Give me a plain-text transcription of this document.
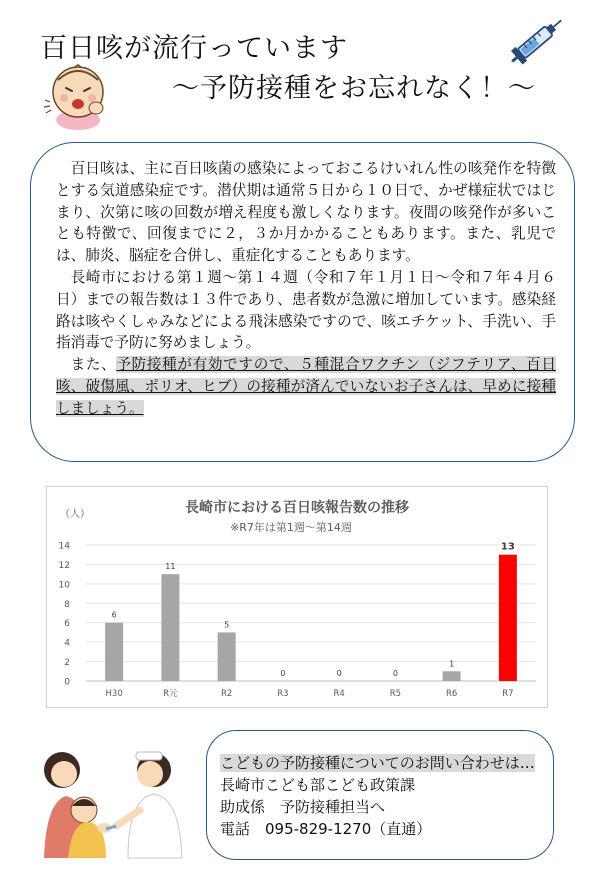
百日咳が流行っています
～予防接種をお忘れなく！～

百日咳は、主に百日咳菌の感染によっておこるけいれん性の咳発作を特徴とする気道感染症です。潜伏期は通常５日から１０日で、かぜ様症状ではじまり、次第に咳の回数が増え程度も激しくなります。夜間の咳発作が多いことも特徴で、回復までに２，３か月かかることもあります。また、乳児では、肺炎、脳症を合併し、重症化することもあります。

長崎市における第１週～第１４週（令和７年１月１日～令和７年４月６日）までの報告数は１３件であり、患者数が急激に増加しています。感染経路は咳やくしゃみなどによる飛沫感染ですので、咳エチケット、手洗い、手指消毒で予防に努めましょう。

また、予防接種が有効ですので、５種混合ワクチン（ジフテリア、百日咳、破傷風、ポリオ、ヒブ）の接種が済んでいないお子さんは、早めに接種しましょう。

長崎市における百日咳報告数の推移
※R7年は第1週～第14週
（人）
0
2
4
6
8
10
12
14
6
H30
11
R元
5
R2
0
R3
0
R4
0
R5
1
R6
13
R7
こどもの予防接種についてのお問い合わせは…
長崎市こども部こども政策課
助成係　予防接種担当へ
電話　095-829-1270（直通）
